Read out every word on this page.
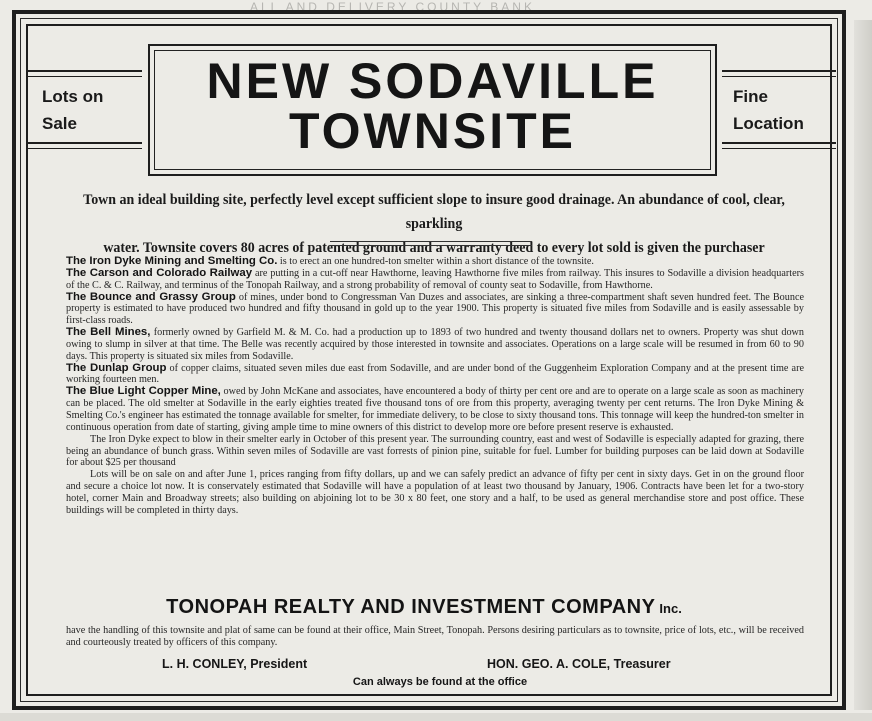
ALL AND DELIVERY COUNTY BANK
Lots on
Sale
Fine
Location
NEW SODAVILLE
TOWNSITE
Town an ideal building site, perfectly level except sufficient slope to insure good drainage. An abundance of cool, clear, sparkling
water. Townsite covers 80 acres of patented ground and a warranty deed to every lot sold is given the purchaser

The Iron Dyke Mining and Smelting Co. is to erect an one hundred-ton smelter within a short distance of the townsite.

The Carson and Colorado Railway are putting in a cut-off near Hawthorne, leaving Hawthorne five miles from railway. This insures to Sodaville a division headquarters of the C. & C. Railway, and terminus of the Tonopah Railway, and a strong probability of removal of county seat to Sodaville, from Hawthorne.

The Bounce and Grassy Group of mines, under bond to Congressman Van Duzes and associates, are sinking a three-compartment shaft seven hundred feet. The Bounce property is estimated to have produced two hundred and fifty thousand in gold up to the year 1900. This property is situated five miles from Sodaville and is easily assessable by first-class roads.

The Bell Mines, formerly owned by Garfield M. & M. Co. had a production up to 1893 of two hundred and twenty thousand dollars net to owners. Property was shut down owing to slump in silver at that time. The Belle was recently acquired by those interested in townsite and associates. Operations on a large scale will be resumed in from 60 to 90 days. This property is situated six miles from Sodaville.

The Dunlap Group of copper claims, situated seven miles due east from Sodaville, and are under bond of the Guggenheim Exploration Company and at the present time are working fourteen men.

The Blue Light Copper Mine, owed by John McKane and associates, have encountered a body of thirty per cent ore and are to operate on a large scale as soon as machinery can be placed. The old smelter at Sodaville in the early eighties treated five thousand tons of ore from this property, averaging twenty per cent returns. The Iron Dyke Mining & Smelting Co.'s engineer has estimated the tonnage available for smelter, for immediate delivery, to be close to sixty thousand tons. This tonnage will keep the hundred-ton smelter in continuous operation from date of starting, giving ample time to mine owners of this district to develop more ore before present reserve is exhausted.

The Iron Dyke expect to blow in their smelter early in October of this present year. The surrounding country, east and west of Sodaville is especially adapted for grazing, there being an abundance of bunch grass. Within seven miles of Sodaville are vast forrests of pinion pine, suitable for fuel. Lumber for building purposes can be laid down at Sodaville for about $25 per thousand

Lots will be on sale on and after June 1, prices ranging from fifty dollars, up and we can safely predict an advance of fifty per cent in sixty days. Get in on the ground floor and secure a choice lot now. It is conservately estimated that Sodaville will have a population of at least two thousand by January, 1906. Contracts have been let for a two-story hotel, corner Main and Broadway streets; also building on abjoining lot to be 30 x 80 feet, one story and a half, to be used as general merchandise store and post office. These buildings will be completed in thirty days.

TONOPAH REALTY AND INVESTMENT COMPANY Inc.
have the handling of this townsite and plat of same can be found at their office, Main Street, Tonopah. Persons desiring particulars as to townsite, price of lots, etc., will be received and courteously treated by officers of this company.
L. H. CONLEY, President	HON. GEO. A. COLE, Treasurer
Can always be found at the office
